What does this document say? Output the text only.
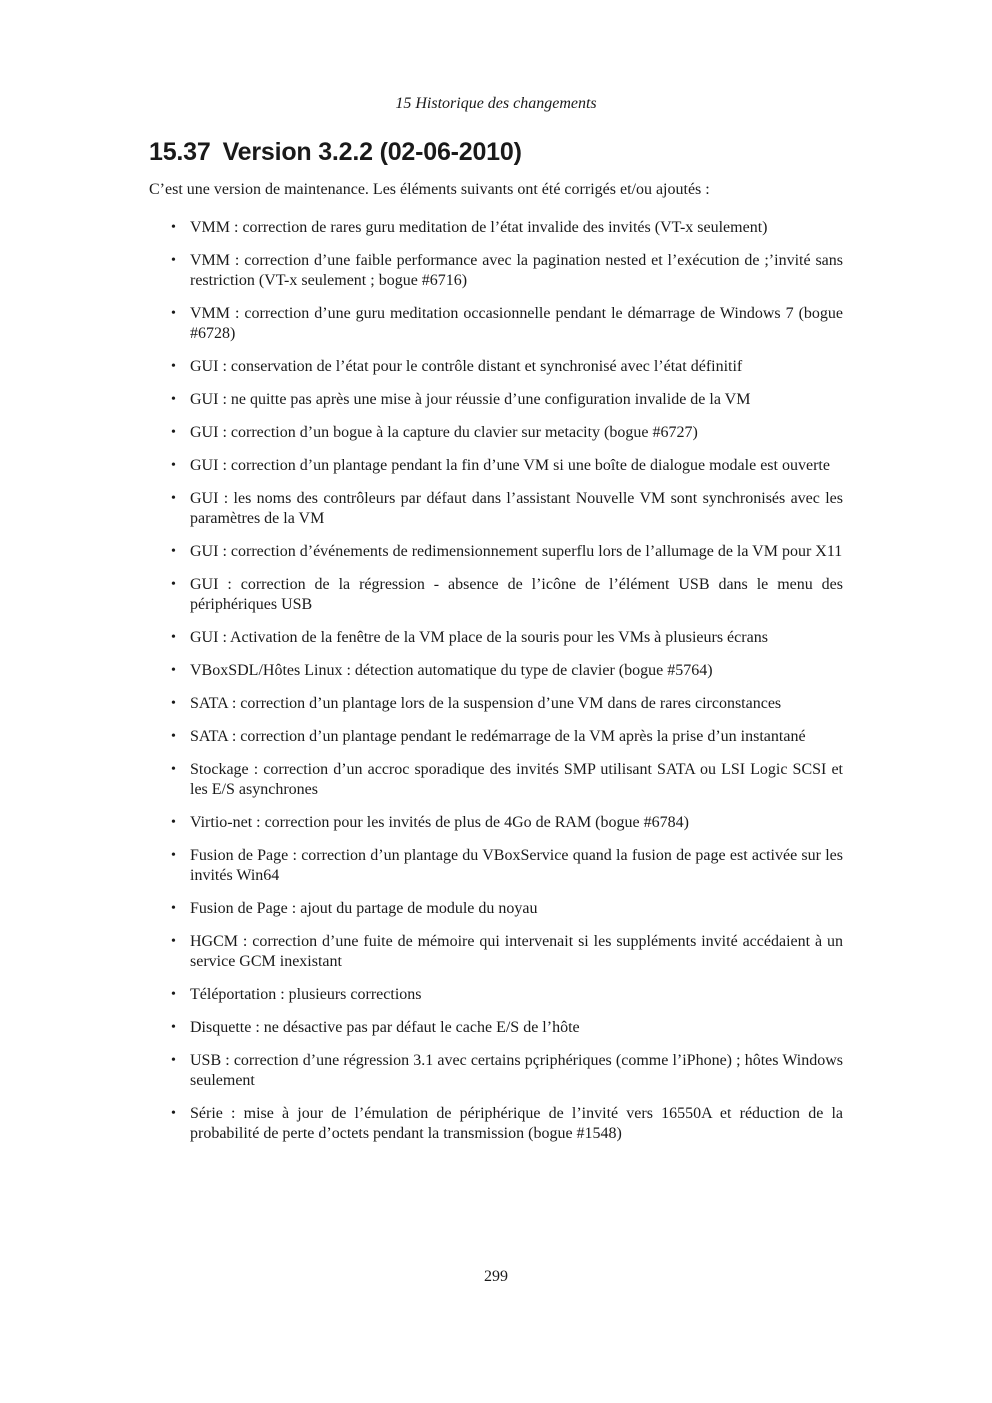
15 Historique des changements
15.37 Version 3.2.2 (02-06-2010)

C’est une version de maintenance. Les éléments suivants ont été corrigés et/ou ajoutés :

• VMM : correction de rares guru meditation de l’état invalide des invités (VT-x seulement)
• VMM : correction d’une faible performance avec la pagination nested et l’exécution de ;’invité sans restriction (VT-x seulement ; bogue #6716)
• VMM : correction d’une guru meditation occasionnelle pendant le démarrage de Windows 7 (bogue #6728)
• GUI : conservation de l’état pour le contrôle distant et synchronisé avec l’état définitif
• GUI : ne quitte pas après une mise à jour réussie d’une configuration invalide de la VM
• GUI : correction d’un bogue à la capture du clavier sur metacity (bogue #6727)
• GUI : correction d’un plantage pendant la fin d’une VM si une boîte de dialogue modale est ouverte
• GUI : les noms des contrôleurs par défaut dans l’assistant Nouvelle VM sont synchronisés avec les paramètres de la VM
• GUI : correction d’événements de redimensionnement superflu lors de l’allumage de la VM pour X11
• GUI : correction de la régression - absence de l’icône de l’élément USB dans le menu des périphériques USB
• GUI : Activation de la fenêtre de la VM place de la souris pour les VMs à plusieurs écrans
• VBoxSDL/Hôtes Linux : détection automatique du type de clavier (bogue #5764)
• SATA : correction d’un plantage lors de la suspension d’une VM dans de rares circonstances
• SATA : correction d’un plantage pendant le redémarrage de la VM après la prise d’un instantané
• Stockage : correction d’un accroc sporadique des invités SMP utilisant SATA ou LSI Logic SCSI et les E/S asynchrones
• Virtio-net : correction pour les invités de plus de 4Go de RAM (bogue #6784)
• Fusion de Page : correction d’un plantage du VBoxService quand la fusion de page est activée sur les invités Win64
• Fusion de Page : ajout du partage de module du noyau
• HGCM : correction d’une fuite de mémoire qui intervenait si les suppléments invité accédaient à un service GCM inexistant
• Téléportation : plusieurs corrections
• Disquette : ne désactive pas par défaut le cache E/S de l’hôte
• USB : correction d’une régression 3.1 avec certains pçriphériques (comme l’iPhone) ; hôtes Windows seulement
• Série : mise à jour de l’émulation de périphérique de l’invité vers 16550A et réduction de la probabilité de perte d’octets pendant la transmission (bogue #1548)
299
